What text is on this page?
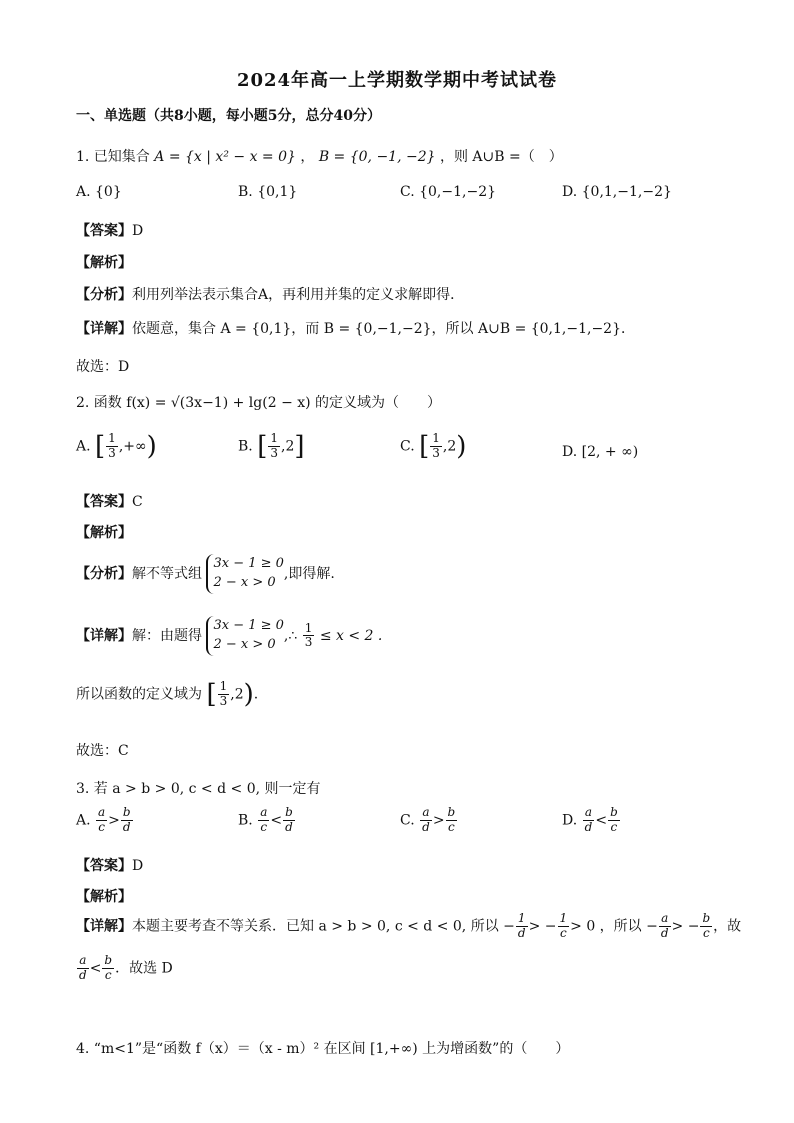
2024年高一上学期数学期中考试试卷
一、单选题（共8小题，每小题5分，总分40分）
1. 已知集合 A = {x | x² − x = 0} ， B = {0, −1, −2} ，则 A∪B =（　）
A. {0}	B. {0,1}	C. {0,−1,−2}	D. {0,1,−1,−2}
【答案】D
【解析】
【分析】利用列举法表示集合A，再利用并集的定义求解即得．
【详解】依题意，集合 A = {0,1}，而 B = {0,−1,−2}，所以 A∪B = {0,1,−1,−2}．
故选：D
2. 函数 f(x) = √(3x−1) + lg(2 − x) 的定义域为（　　）
A. [ $\frac{1}{3}$ ,+∞)	B. [ $\frac{1}{3} ,2$]	C. [ $\frac{1}{3} ,2$)	D. [2, + ∞)
【答案】C
【解析】
【分析】解不等式组 3x − 1 ≥ 0
2 − x > 0,即得解.
【详解】解：由题得 3x − 1 ≥ 0
2 − x > 0,∴ $\frac{1}{3} \le x < 2$ .
所以函数的定义域为 [ $\frac{1}{3} ,2$).
故选：C
3. 若 a > b > 0, c < d < 0, 则一定有
A. $\frac{a}{c} > \frac{b}{d}$	B. $\frac{a}{c} < \frac{b}{d}$	C. $\frac{a}{d} > \frac{b}{c}$	D. $\frac{a}{d} < \frac{b}{c}$
【答案】D
【解析】
【详解】本题主要考查不等关系．已知 a > b > 0, c < d < 0, 所以 − $\frac{1}{d}$ > − $\frac{1}{c} > 0$ ，所以 − $\frac{a}{d}$ > − $\frac{b}{c}$ ，故
$\frac{a}{d} < \frac{b}{c}$ ．故选 D
4. “m<1”是“函数 f（x）＝（x - m）² 在区间 [1,+∞) 上为增函数”的（　　）
